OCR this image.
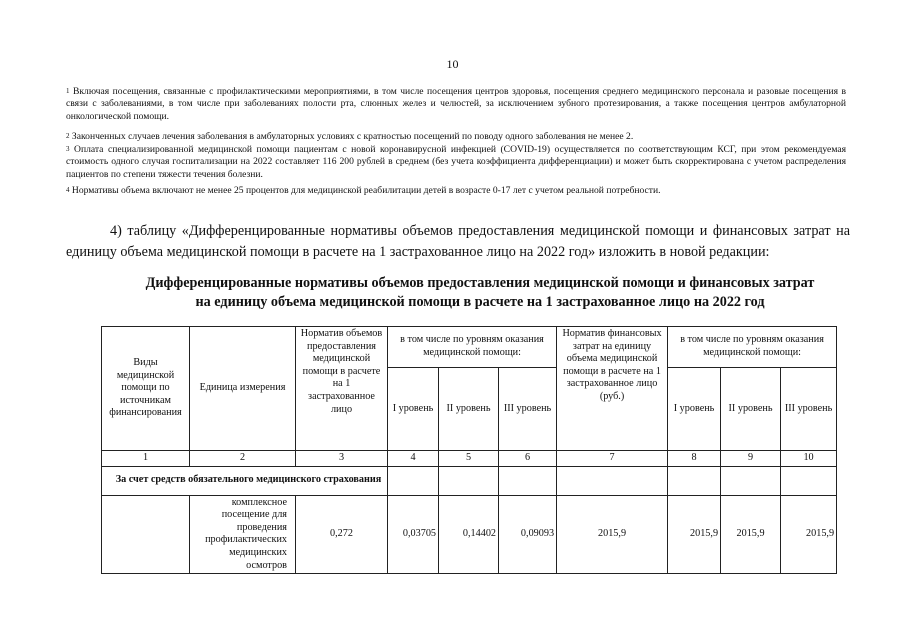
10
$^1$ Включая посещения, связанные с профилактическими мероприятиями, в том числе посещения центров здоровья, посещения среднего медицинского персонала и разовые посещения в связи с заболеваниями, в том числе при заболеваниях полости рта, слюнных желез и челюстей, за исключением зубного протезирования, а также посещения центров амбулаторной онкологической помощи.
$^2$ Законченных случаев лечения заболевания в амбулаторных условиях с кратностью посещений по поводу одного заболевания не менее 2.
$^3$ Оплата специализированной медицинской помощи пациентам с новой коронавирусной инфекцией (COVID-19) осуществляется по соответствующим КСГ, при этом рекомендуемая стоимость одного случая госпитализации на 2022 составляет 116 200 рублей в среднем (без учета коэффициента дифференциации) и может быть скорректирована с учетом распределения пациентов по степени тяжести течения болезни.
$^4$ Нормативы объема включают не менее 25 процентов для медицинской реабилитации детей в возрасте 0-17 лет с учетом реальной потребности.
4) таблицу «Дифференцированные нормативы объемов предоставления медицинской помощи и финансовых затрат на единицу объема медицинской помощи в расчете на 1 застрахованное лицо на 2022 год» изложить в новой редакции:
Дифференцированные нормативы объемов предоставления медицинской помощи и финансовых затрат
на единицу объема медицинской помощи в расчете на 1 застрахованное лицо на 2022 год
Виды медицинской помощи по источникам финансирования	Единица измерения	Норматив объемов предоставления медицинской помощи в расчете на 1 застрахованное лицо	в том числе по уровням оказания медицинской помощи:			Норматив финансовых затрат на единицу объема медицинской помощи в расчете на 1 застрахованное лицо (руб.)	в том числе по уровням оказания медицинской помощи:		
			I уровень	II уровень	III уровень		I уровень	II уровень	III уровень
1	2	3	4	5	6	7	8	9	10
За счет средств обязательного медицинского страхования									
	комплексное посещение для проведения профилактических медицинских осмотров	0,272	0,03705	0,14402	0,09093	2015,9	2015,9	2015,9	2015,9
